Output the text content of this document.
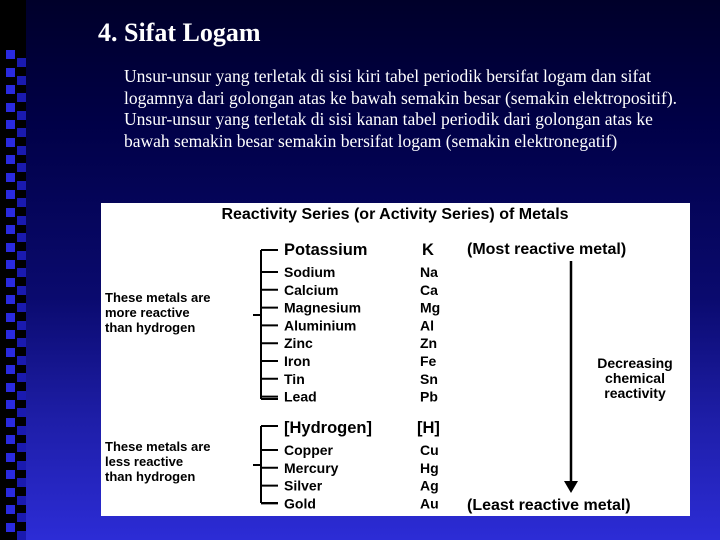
4. Sifat Logam

Unsur-unsur yang terletak di sisi kiri tabel periodik bersifat logam dan sifat logamnya dari golongan atas ke bawah semakin besar (semakin elektropositif). Unsur-unsur yang terletak di sisi kanan tabel periodik dari golongan atas ke bawah semakin besar semakin bersifat logam (semakin elektronegatif)

Reactivity Series (or Activity Series) of Metals
Potassium	K (Most reactive metal)
Sodium
Calcium
Magnesium
Aluminium
Zinc
Iron
Tin
Lead
Na
Ca
Mg
Al
Zn
Fe
Sn
Pb
[Hydrogen]	[H]
Copper
Mercury
Silver
Gold
Cu
Hg
Ag
Au (Least reactive metal)
These metals are
more reactive
than hydrogen
These metals are
less reactive
than hydrogen
Decreasing
chemical
reactivity
